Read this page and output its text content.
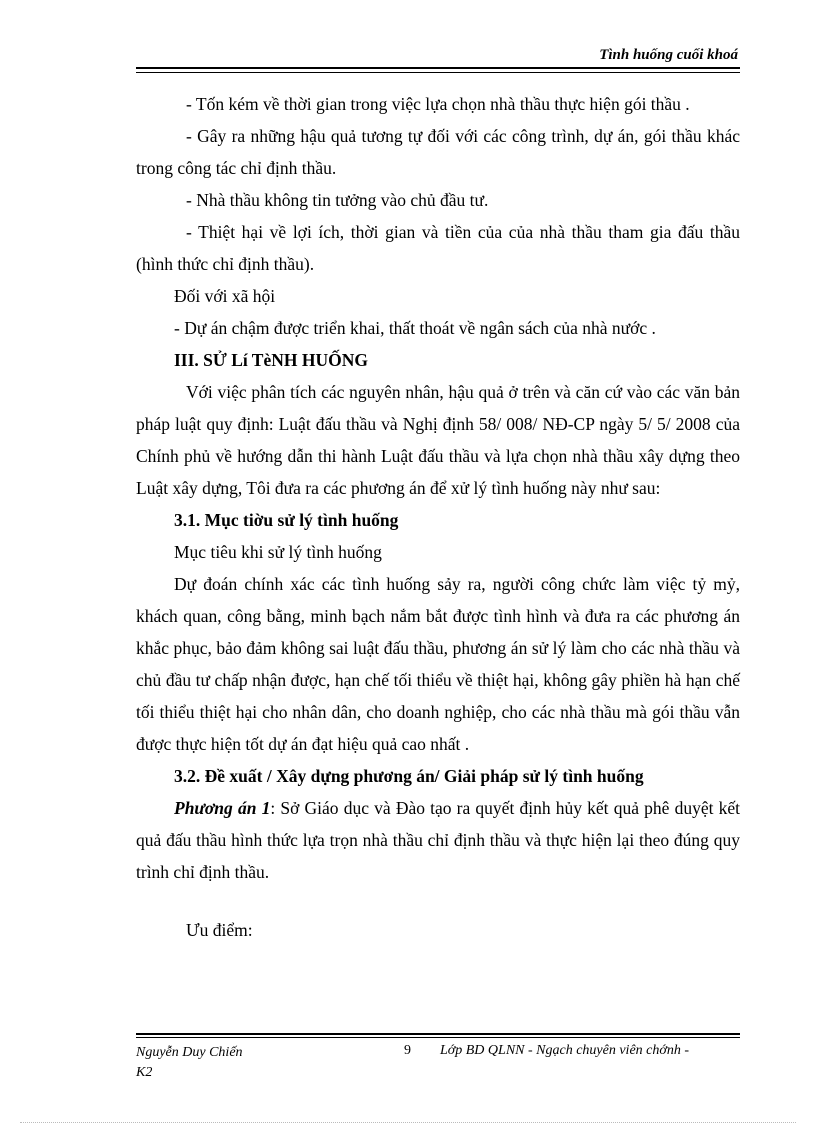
Tình huống cuối khoá

- Tốn kém về thời gian trong việc lựa chọn nhà thầu thực hiện gói thầu .

- Gây ra những hậu quả tương tự đối với các công trình, dự án, gói thầu khác trong công tác chỉ định thầu.

- Nhà thầu không tin tưởng vào chủ đầu tư.

- Thiệt hại về lợi ích, thời gian và tiền của của nhà thầu tham gia đấu thầu (hình thức chỉ định thầu).

Đối với xã hội

- Dự án chậm được triển khai, thất thoát về ngân sách của nhà nước .

III. SỬ Lí TèNH HUỐNG

Với việc phân tích các nguyên nhân, hậu quả ở trên và căn cứ vào các văn bản pháp luật quy định: Luật đấu thầu và Nghị định 58/ 008/ NĐ-CP ngày 5/ 5/ 2008 của Chính phủ về hướng dẫn thi hành Luật đấu thầu và lựa chọn nhà thầu xây dựng theo Luật xây dựng, Tôi đưa ra các phương án để xử lý tình huống này như sau:

3.1. Mục tiờu sử lý tình huống

Mục tiêu khi sử lý tình huống

Dự đoán chính xác các tình huống sảy ra, người công chức làm việc tỷ mỷ, khách quan, công bằng, minh bạch nắm bắt được tình hình và đưa ra các phương án khắc phục, bảo đảm không sai luật đấu thầu, phương án sử lý làm cho các nhà thầu và chủ đầu tư chấp nhận được, hạn chế tối thiểu về thiệt hại, không gây phiền hà hạn chế tối thiểu thiệt hại cho nhân dân, cho doanh nghiệp, cho các nhà thầu mà gói thầu vẫn được thực hiện tốt dự án đạt hiệu quả cao nhất .

3.2. Đề xuất / Xây dựng phương án/ Giải pháp sử lý tình huống

Phương án 1: Sở Giáo dục và Đào tạo ra quyết định hủy kết quả phê duyệt kết quả đấu thầu hình thức lựa trọn nhà thầu chỉ định thầu và thực hiện lại theo đúng quy trình chỉ định thầu.

Ưu điểm:

Nguyễn Duy Chiến
K2
9 Lớp BD QLNN - Ngạch chuyên viên chớnh -
